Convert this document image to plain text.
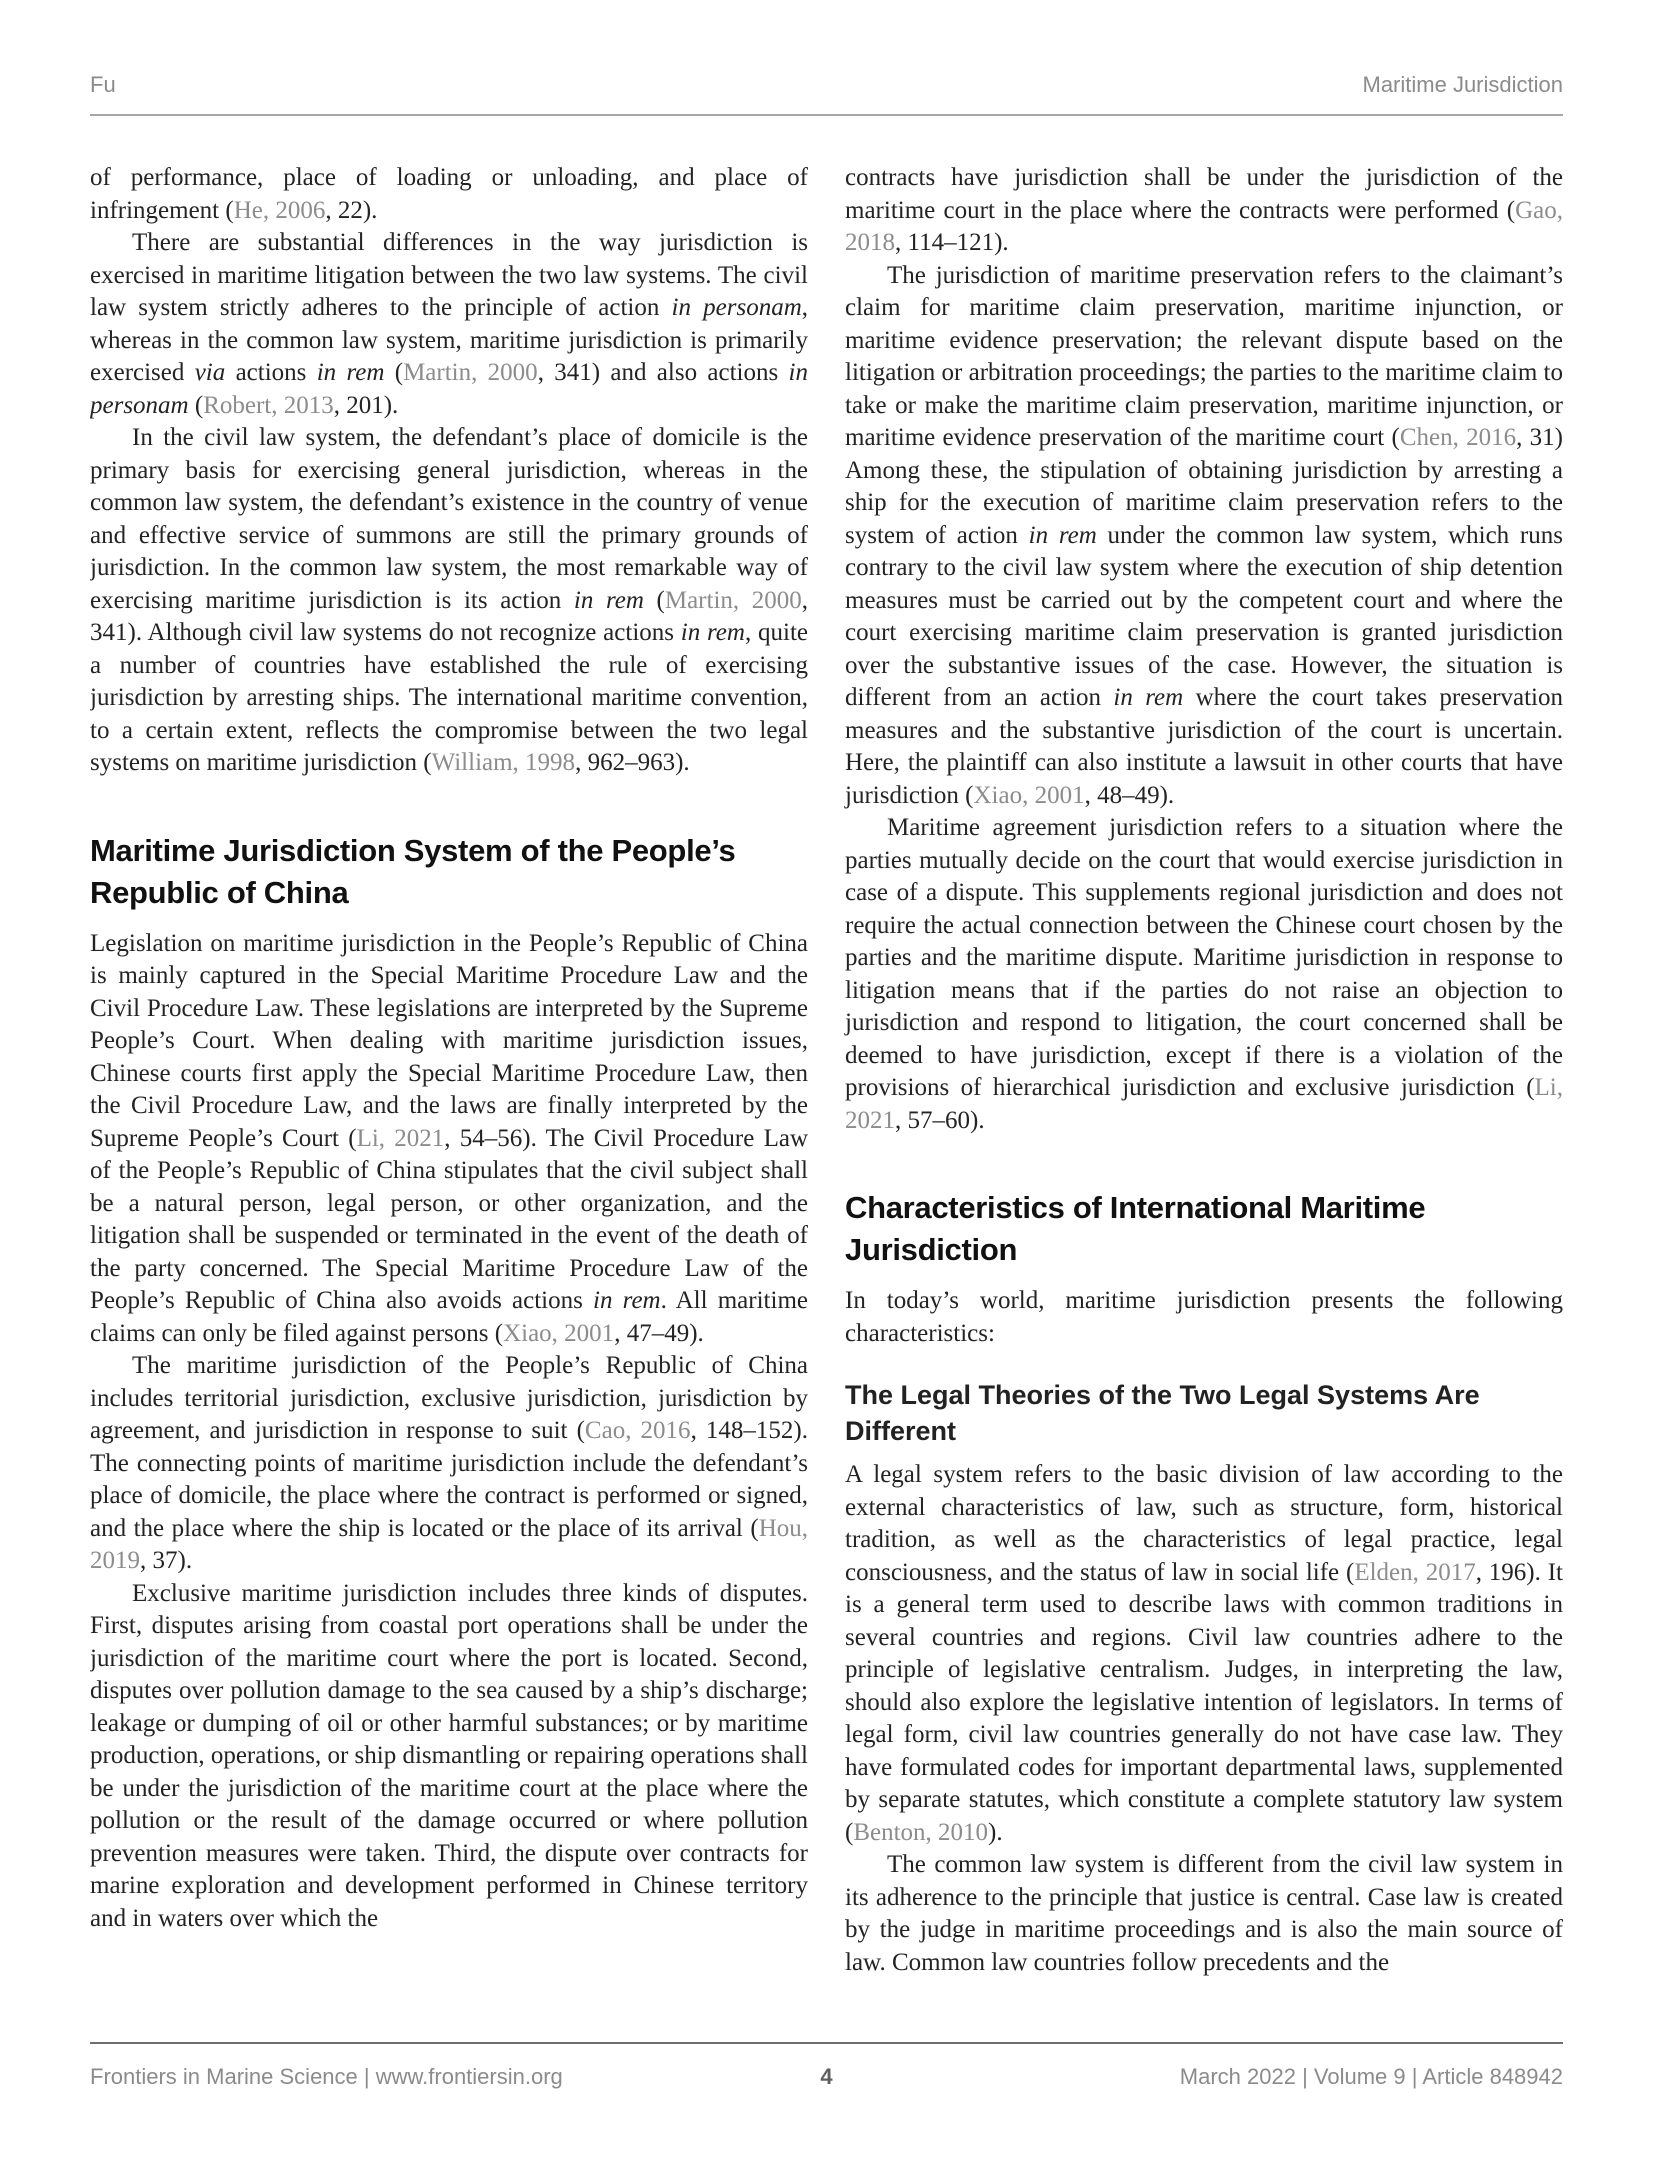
Fu	Maritime Jurisdiction

of performance, place of loading or unloading, and place of infringement (He, 2006, 22).

There are substantial differences in the way jurisdiction is exercised in maritime litigation between the two law systems. The civil law system strictly adheres to the principle of action in personam, whereas in the common law system, maritime jurisdiction is primarily exercised via actions in rem (Martin, 2000, 341) and also actions in personam (Robert, 2013, 201).

In the civil law system, the defendant’s place of domicile is the primary basis for exercising general jurisdiction, whereas in the common law system, the defendant’s existence in the country of venue and effective service of summons are still the primary grounds of jurisdiction. In the common law system, the most remarkable way of exercising maritime jurisdiction is its action in rem (Martin, 2000, 341). Although civil law systems do not recognize actions in rem, quite a number of countries have established the rule of exercising jurisdiction by arresting ships. The international maritime convention, to a certain extent, reflects the compromise between the two legal systems on maritime jurisdiction (William, 1998, 962–963).

Maritime Jurisdiction System of the People’s Republic of China

Legislation on maritime jurisdiction in the People’s Republic of China is mainly captured in the Special Maritime Procedure Law and the Civil Procedure Law. These legislations are interpreted by the Supreme People’s Court. When dealing with maritime jurisdiction issues, Chinese courts first apply the Special Maritime Procedure Law, then the Civil Procedure Law, and the laws are finally interpreted by the Supreme People’s Court (Li, 2021, 54–56). The Civil Procedure Law of the People’s Republic of China stipulates that the civil subject shall be a natural person, legal person, or other organization, and the litigation shall be suspended or terminated in the event of the death of the party concerned. The Special Maritime Procedure Law of the People’s Republic of China also avoids actions in rem. All maritime claims can only be filed against persons (Xiao, 2001, 47–49).

The maritime jurisdiction of the People’s Republic of China includes territorial jurisdiction, exclusive jurisdiction, jurisdiction by agreement, and jurisdiction in response to suit (Cao, 2016, 148–152). The connecting points of maritime jurisdiction include the defendant’s place of domicile, the place where the contract is performed or signed, and the place where the ship is located or the place of its arrival (Hou, 2019, 37).

Exclusive maritime jurisdiction includes three kinds of disputes. First, disputes arising from coastal port operations shall be under the jurisdiction of the maritime court where the port is located. Second, disputes over pollution damage to the sea caused by a ship’s discharge; leakage or dumping of oil or other harmful substances; or by maritime production, operations, or ship dismantling or repairing operations shall be under the jurisdiction of the maritime court at the place where the pollution or the result of the damage occurred or where pollution prevention measures were taken. Third, the dispute over contracts for marine exploration and development performed in Chinese territory and in waters over which the

contracts have jurisdiction shall be under the jurisdiction of the maritime court in the place where the contracts were performed (Gao, 2018, 114–121).

The jurisdiction of maritime preservation refers to the claimant’s claim for maritime claim preservation, maritime injunction, or maritime evidence preservation; the relevant dispute based on the litigation or arbitration proceedings; the parties to the maritime claim to take or make the maritime claim preservation, maritime injunction, or maritime evidence preservation of the maritime court (Chen, 2016, 31) Among these, the stipulation of obtaining jurisdiction by arresting a ship for the execution of maritime claim preservation refers to the system of action in rem under the common law system, which runs contrary to the civil law system where the execution of ship detention measures must be carried out by the competent court and where the court exercising maritime claim preservation is granted jurisdiction over the substantive issues of the case. However, the situation is different from an action in rem where the court takes preservation measures and the substantive jurisdiction of the court is uncertain. Here, the plaintiff can also institute a lawsuit in other courts that have jurisdiction (Xiao, 2001, 48–49).

Maritime agreement jurisdiction refers to a situation where the parties mutually decide on the court that would exercise jurisdiction in case of a dispute. This supplements regional jurisdiction and does not require the actual connection between the Chinese court chosen by the parties and the maritime dispute. Maritime jurisdiction in response to litigation means that if the parties do not raise an objection to jurisdiction and respond to litigation, the court concerned shall be deemed to have jurisdiction, except if there is a violation of the provisions of hierarchical jurisdiction and exclusive jurisdiction (Li, 2021, 57–60).

Characteristics of International Maritime Jurisdiction

In today’s world, maritime jurisdiction presents the following characteristics:

The Legal Theories of the Two Legal Systems Are Different

A legal system refers to the basic division of law according to the external characteristics of law, such as structure, form, historical tradition, as well as the characteristics of legal practice, legal consciousness, and the status of law in social life (Elden, 2017, 196). It is a general term used to describe laws with common traditions in several countries and regions. Civil law countries adhere to the principle of legislative centralism. Judges, in interpreting the law, should also explore the legislative intention of legislators. In terms of legal form, civil law countries generally do not have case law. They have formulated codes for important departmental laws, supplemented by separate statutes, which constitute a complete statutory law system (Benton, 2010).

The common law system is different from the civil law system in its adherence to the principle that justice is central. Case law is created by the judge in maritime proceedings and is also the main source of law. Common law countries follow precedents and the

Frontiers in Marine Science | www.frontiersin.org	4	March 2022 | Volume 9 | Article 848942
